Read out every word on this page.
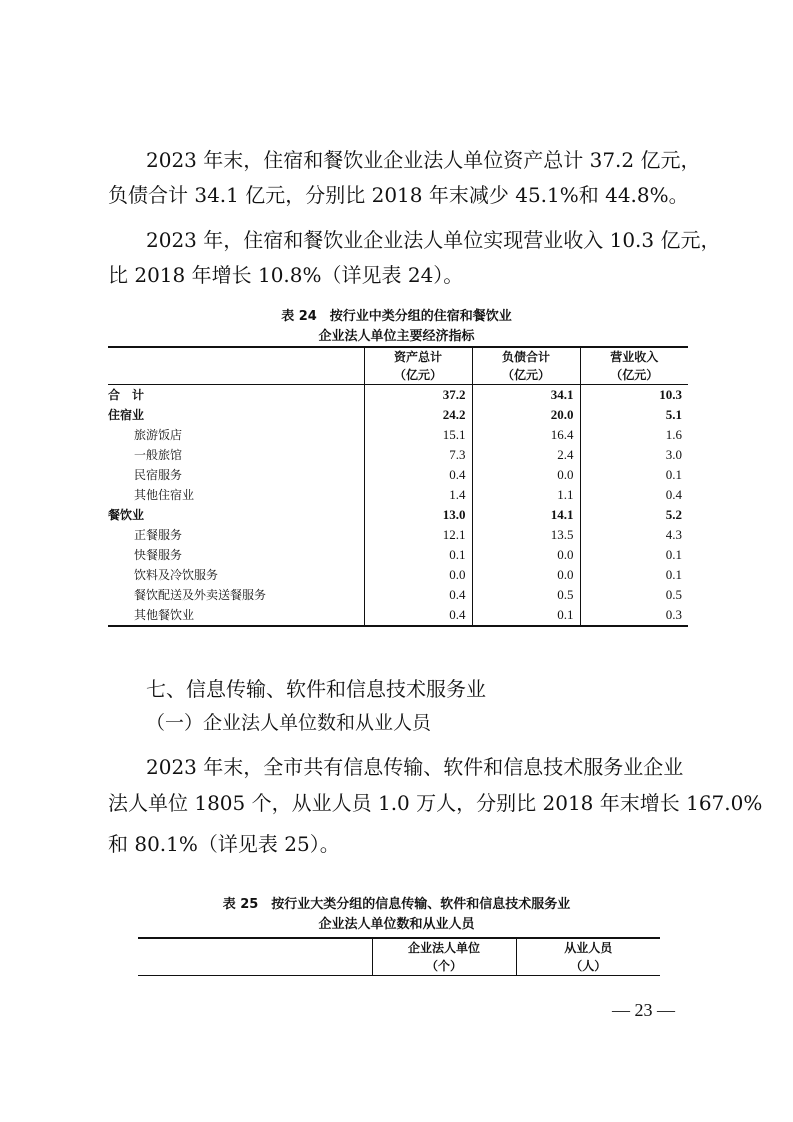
2023 年末，住宿和餐饮业企业法人单位资产总计 37.2 亿元，

负债合计 34.1 亿元，分别比 2018 年末减少 45.1%和 44.8%。

2023 年，住宿和餐饮业企业法人单位实现营业收入 10.3 亿元，

比 2018 年增长 10.8%（详见表 24）。

表 24　按行业中类分组的住宿和餐饮业
企业法人单位主要经济指标
	资产总计	负债合计	营业收入
	（亿元）	（亿元）	（亿元）
合　计	37.2	34.1	10.3
住宿业	24.2	20.0	5.1
旅游饭店	15.1	16.4	1.6
一般旅馆	7.3	2.4	3.0
民宿服务	0.4	0.0	0.1
其他住宿业	1.4	1.1	0.4
餐饮业	13.0	14.1	5.2
正餐服务	12.1	13.5	4.3
快餐服务	0.1	0.0	0.1
饮料及冷饮服务	0.0	0.0	0.1
餐饮配送及外卖送餐服务	0.4	0.5	0.5
其他餐饮业	0.4	0.1	0.3
七、信息传输、软件和信息技术服务业
（一）企业法人单位数和从业人员

2023 年末，全市共有信息传输、软件和信息技术服务业企业

法人单位 1805 个，从业人员 1.0 万人，分别比 2018 年末增长 167.0%

和 80.1%（详见表 25）。

表 25　按行业大类分组的信息传输、软件和信息技术服务业
企业法人单位数和从业人员
	企业法人单位	从业人员
	（个）	（人）
— 23 —
